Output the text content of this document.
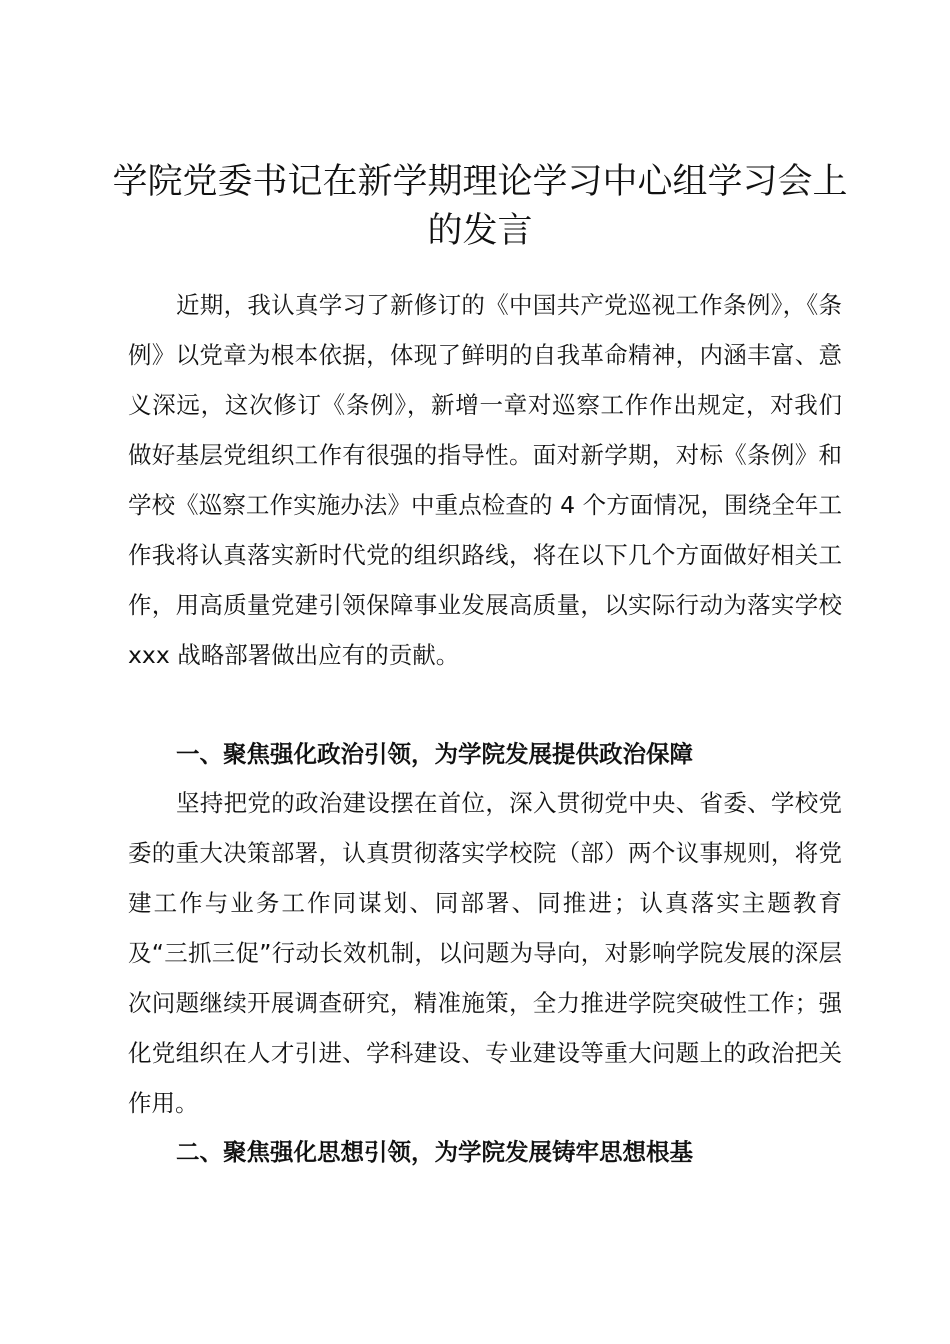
学院党委书记在新学期理论学习中心组学习会上的发言

近期，我认真学习了新修订的《中国共产党巡视工作条例》，《条例》以党章为根本依据，体现了鲜明的自我革命精神，内涵丰富、意义深远，这次修订《条例》，新增一章对巡察工作作出规定，对我们做好基层党组织工作有很强的指导性。面对新学期，对标《条例》和学校《巡察工作实施办法》中重点检查的 4 个方面情况，围绕全年工作我将认真落实新时代党的组织路线，将在以下几个方面做好相关工作，用高质量党建引领保障事业发展高质量，以实际行动为落实学校 xxx 战略部署做出应有的贡献。

一、聚焦强化政治引领，为学院发展提供政治保障

坚持把党的政治建设摆在首位，深入贯彻党中央、省委、学校党委的重大决策部署，认真贯彻落实学校院（部）两个议事规则，将党建工作与业务工作同谋划、同部署、同推进；认真落实主题教育及“三抓三促”行动长效机制，以问题为导向，对影响学院发展的深层次问题继续开展调查研究，精准施策，全力推进学院突破性工作；强化党组织在人才引进、学科建设、专业建设等重大问题上的政治把关作用。

二、聚焦强化思想引领，为学院发展铸牢思想根基
